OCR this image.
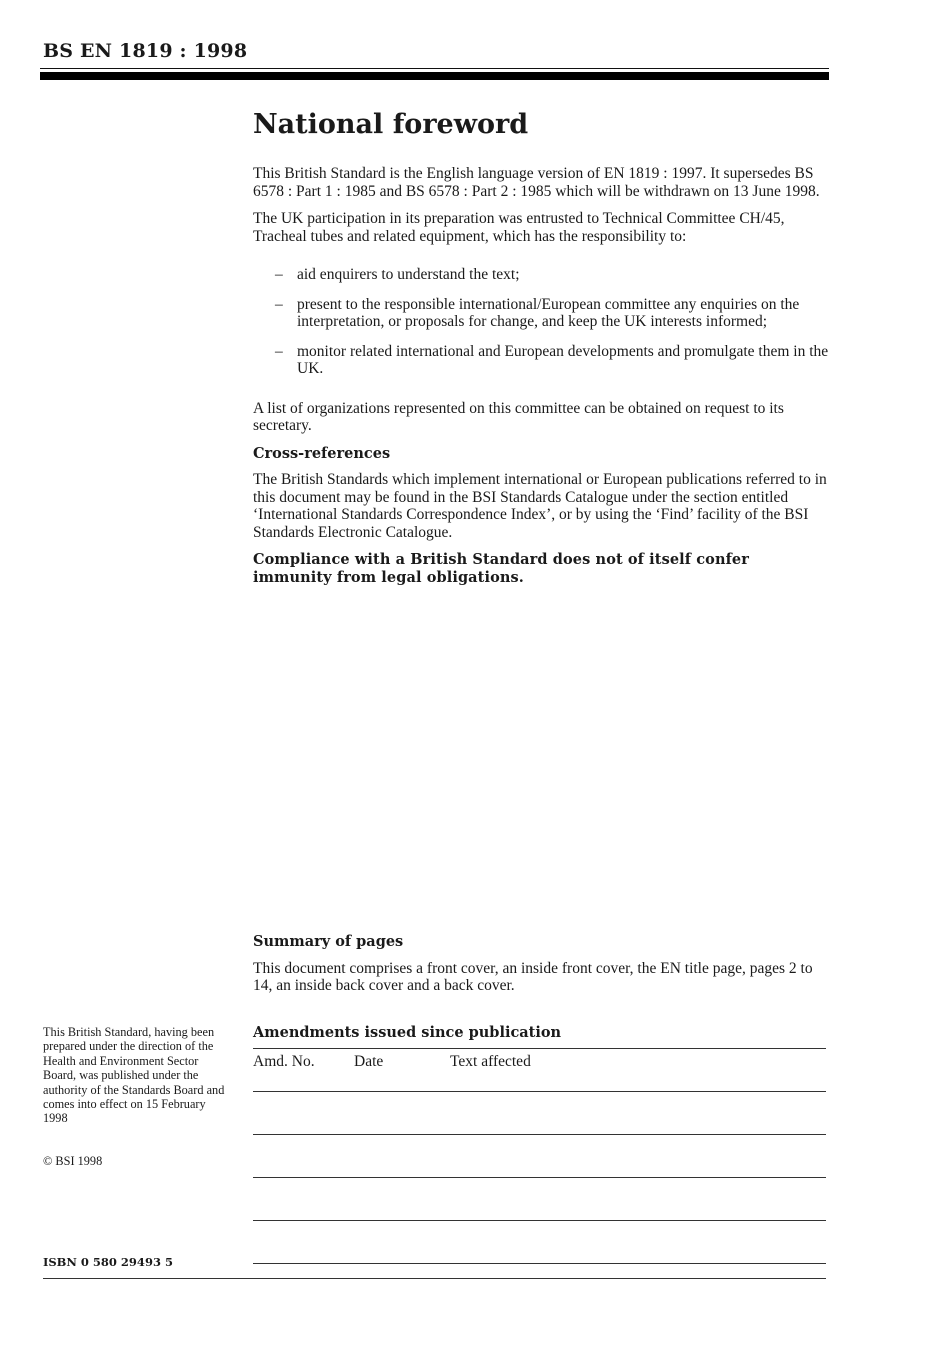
BS EN 1819 : 1998
National foreword

This British Standard is the English language version of EN 1819 : 1997. It supersedes BS 6578 : Part 1 : 1985 and BS 6578 : Part 2 : 1985 which will be withdrawn on 13 June 1998.

The UK participation in its preparation was entrusted to Technical Committee CH/45, Tracheal tubes and related equipment, which has the responsibility to:

– aid enquirers to understand the text;
– present to the responsible international/European committee any enquiries on the interpretation, or proposals for change, and keep the UK interests informed;
– monitor related international and European developments and promulgate them in the UK.

A list of organizations represented on this committee can be obtained on request to its secretary.

Cross-references

The British Standards which implement international or European publications referred to in this document may be found in the BSI Standards Catalogue under the section entitled ‘International Standards Correspondence Index’, or by using the ‘Find’ facility of the BSI Standards Electronic Catalogue.

Compliance with a British Standard does not of itself confer immunity from legal obligations.

Summary of pages

This document comprises a front cover, an inside front cover, the EN title page, pages 2 to 14, an inside back cover and a back cover.

This British Standard, having been prepared under the direction of the Health and Environment Sector Board, was published under the authority of the Standards Board and comes into effect on 15 February 1998
© BSI 1998
ISBN 0 580 29493 5
Amendments issued since publication
Amd. No.	Date	Text affected
